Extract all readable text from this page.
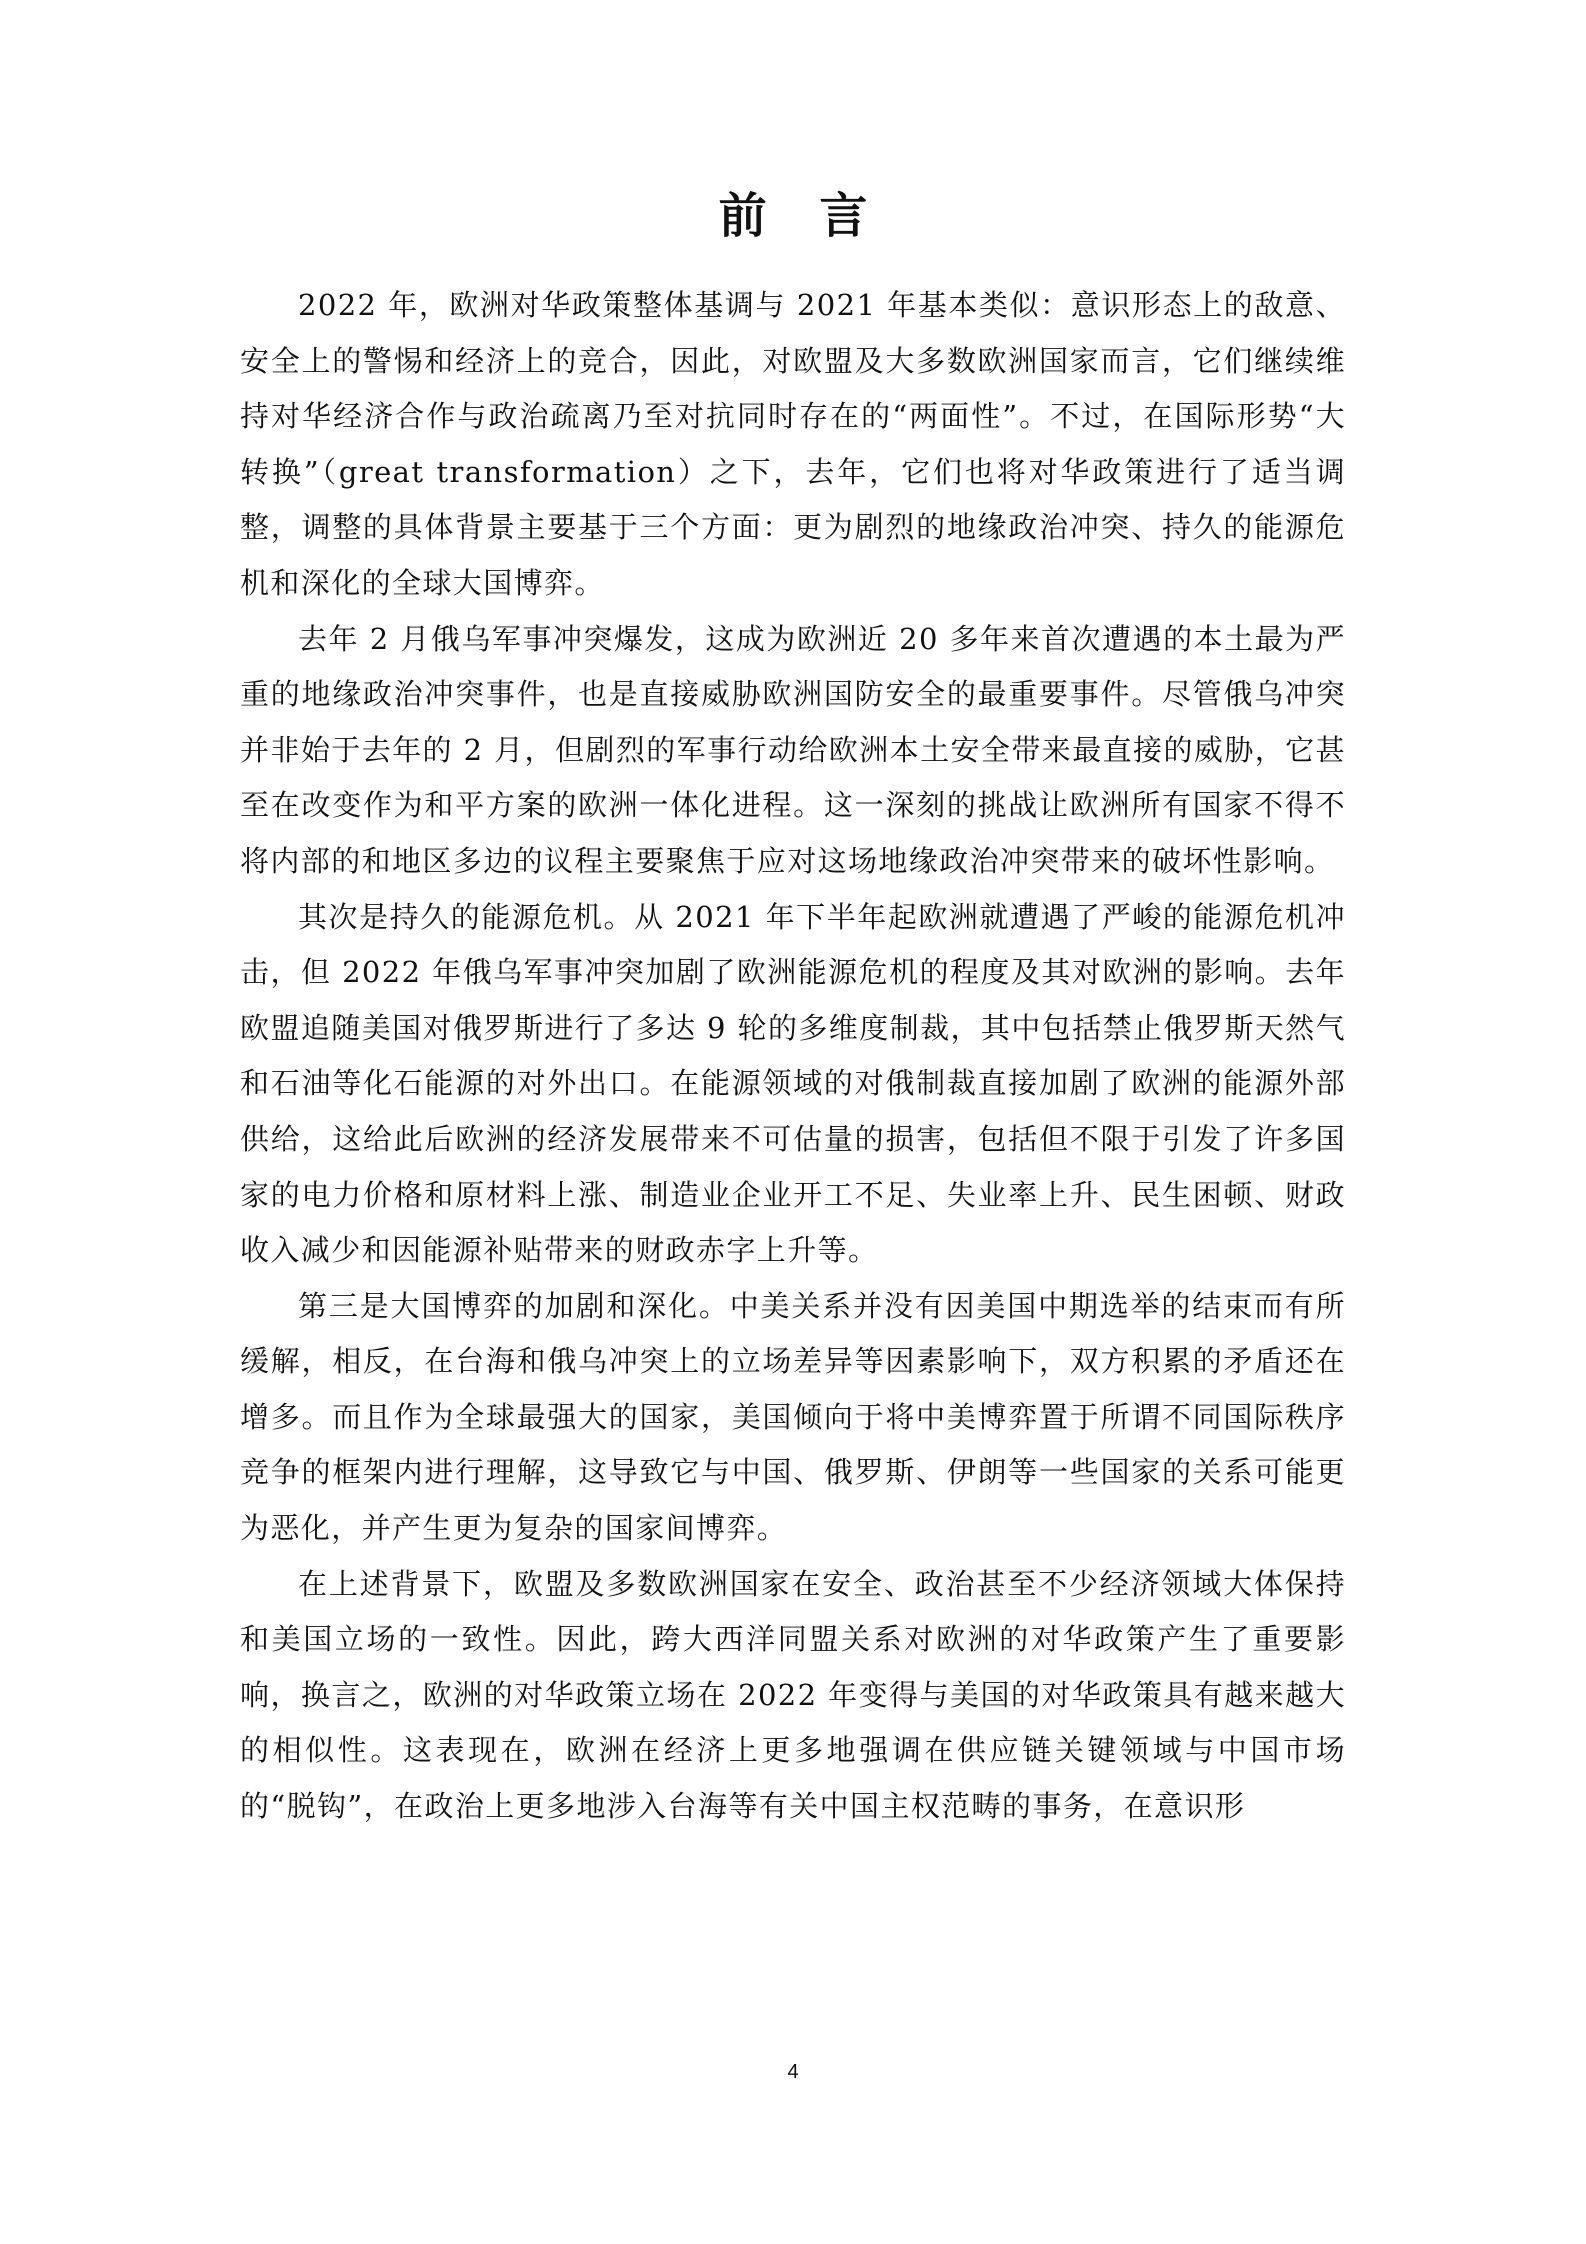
前 言

2022 年，欧洲对华政策整体基调与 2021 年基本类似：意识形态上的敌意、安全上的警惕和经济上的竞合，因此，对欧盟及大多数欧洲国家而言，它们继续维持对华经济合作与政治疏离乃至对抗同时存在的“两面性”。不过，在国际形势“大转换”（great transformation）之下，去年，它们也将对华政策进行了适当调整，调整的具体背景主要基于三个方面：更为剧烈的地缘政治冲突、持久的能源危机和深化的全球大国博弈。

去年 2 月俄乌军事冲突爆发，这成为欧洲近 20 多年来首次遭遇的本土最为严重的地缘政治冲突事件，也是直接威胁欧洲国防安全的最重要事件。尽管俄乌冲突并非始于去年的 2 月，但剧烈的军事行动给欧洲本土安全带来最直接的威胁，它甚至在改变作为和平方案的欧洲一体化进程。这一深刻的挑战让欧洲所有国家不得不将内部的和地区多边的议程主要聚焦于应对这场地缘政治冲突带来的破坏性影响。

其次是持久的能源危机。从 2021 年下半年起欧洲就遭遇了严峻的能源危机冲击，但 2022 年俄乌军事冲突加剧了欧洲能源危机的程度及其对欧洲的影响。去年欧盟追随美国对俄罗斯进行了多达 9 轮的多维度制裁，其中包括禁止俄罗斯天然气和石油等化石能源的对外出口。在能源领域的对俄制裁直接加剧了欧洲的能源外部供给，这给此后欧洲的经济发展带来不可估量的损害，包括但不限于引发了许多国家的电力价格和原材料上涨、制造业企业开工不足、失业率上升、民生困顿、财政收入减少和因能源补贴带来的财政赤字上升等。

第三是大国博弈的加剧和深化。中美关系并没有因美国中期选举的结束而有所缓解，相反，在台海和俄乌冲突上的立场差异等因素影响下，双方积累的矛盾还在增多。而且作为全球最强大的国家，美国倾向于将中美博弈置于所谓不同国际秩序竞争的框架内进行理解，这导致它与中国、俄罗斯、伊朗等一些国家的关系可能更为恶化，并产生更为复杂的国家间博弈。

在上述背景下，欧盟及多数欧洲国家在安全、政治甚至不少经济领域大体保持和美国立场的一致性。因此，跨大西洋同盟关系对欧洲的对华政策产生了重要影响，换言之，欧洲的对华政策立场在 2022 年变得与美国的对华政策具有越来越大的相似性。这表现在，欧洲在经济上更多地强调在供应链关键领域与中国市场的“脱钩”，在政治上更多地涉入台海等有关中国主权范畴的事务，在意识形

4
